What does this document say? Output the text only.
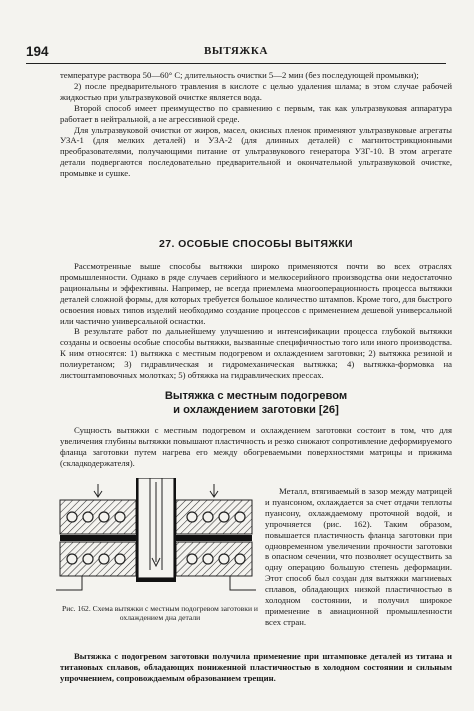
194	ВЫТЯЖКА

температуре раствора 50—60° С; длительность очистки 5—2 мин (без последующей промывки);

2) после предварительного травления в кислоте с целью удаления шлама; в этом случае рабочей жидкостью при ультразвуковой очистке является вода.

Второй способ имеет преимущество по сравнению с первым, так как ультразвуковая аппаратура работает в нейтральной, а не агрессивной среде.

Для ультразвуковой очистки от жиров, масел, окисных пленок применяют ультразвуковые агрегаты УЗА-1 (для мелких деталей) и УЗА-2 (для длинных деталей) с магнитострикционными преобразователями, получающими питание от ультразвукового генератора УЗГ-10. В этом агрегате детали подвергаются последовательно предварительной и окончательной ультразвуковой очистке, промывке и сушке.

27. ОСОБЫЕ СПОСОБЫ ВЫТЯЖКИ

Рассмотренные выше способы вытяжки широко применяются почти во всех отраслях промышленности. Однако в ряде случаев серийного и мелкосерийного производства они недостаточно рациональны и эффективны. Например, не всегда приемлема многооперационность процесса вытяжки деталей сложной формы, для которых требуется большое количество штампов. Кроме того, для быстрого освоения новых типов изделий необходимо создание процессов с применением дешевой универсальной или частично универсальной оснастки.

В результате работ по дальнейшему улучшению и интенсификации процесса глубокой вытяжки созданы и освоены особые способы вытяжки, вызванные специфичностью того или иного производства. К ним относятся: 1) вытяжка с местным подогревом и охлаждением заготовки; 2) вытяжка резиной и полиуретаном; 3) гидравлическая и гидромеханическая вытяжка; 4) вытяжка-формовка на листоштамповочных молотках; 5) обтяжка на гидравлических прессах.

Вытяжка с местным подогревом
и охлаждением заготовки [26]

Сущность вытяжки с местным подогревом и охлаждением заготовки состоит в том, что для увеличения глубины вытяжки повышают пластичность и резко снижают сопротивление деформируемого фланца заготовки путем нагрева его между обогреваемыми поверхностями матрицы и прижима (складкодержателя).

Рис. 162. Схема вытяжки с местным подогревом заготовки и охлаждением дна детали

Металл, втягиваемый в зазор между матрицей и пуансоном, охлаждается за счет отдачи теплоты пуансону, охлаждаемому проточной водой, и упрочняется (рис. 162). Таким образом, повышается пластичность фланца заготовки при одновременном увеличении прочности заготовки в опасном сечении, что позволяет осуществить за одну операцию большую степень деформации. Этот способ был создан для вытяжки магниевых сплавов, обладающих низкой пластичностью в холодном состоянии, и получил широкое применение в авиационной промышленности всех стран.

Вытяжка с подогревом заготовки получила применение при штамповке деталей из титана и титановых сплавов, обладающих пониженной пластичностью в холодном состоянии и сильным упрочнением, сопровождаемым образованием трещин.
